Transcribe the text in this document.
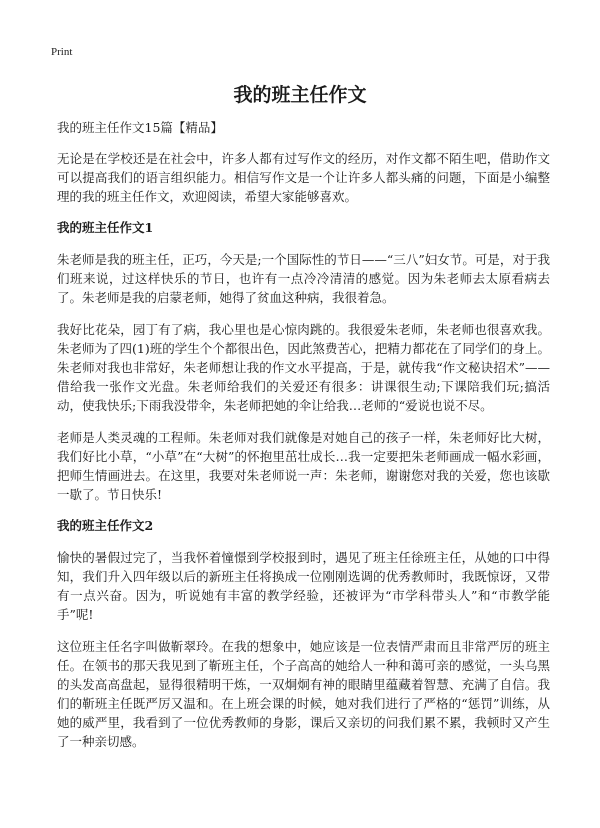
Print
我的班主任作文

我的班主任作文15篇【精品】

无论是在学校还是在社会中，许多人都有过写作文的经历，对作文都不陌生吧，借助作文可以提高我们的语言组织能力。相信写作文是一个让许多人都头痛的问题，下面是小编整理的我的班主任作文，欢迎阅读，希望大家能够喜欢。

我的班主任作文1

朱老师是我的班主任，正巧，今天是;一个国际性的节日——“三八”妇女节。可是，对于我们班来说，过这样快乐的节日，也许有一点冷冷清清的感觉。因为朱老师去太原看病去了。朱老师是我的启蒙老师，她得了贫血这种病，我很着急。

我好比花朵，园丁有了病，我心里也是心惊肉跳的。我很爱朱老师，朱老师也很喜欢我。朱老师为了四(1)班的学生个个都很出色，因此煞费苦心，把精力都花在了同学们的身上。朱老师对我也非常好，朱老师想让我的作文水平提高，于是，就传我“作文秘诀招术”——借给我一张作文光盘。朱老师给我们的关爱还有很多：讲课很生动;下课陪我们玩;搞活动，使我快乐;下雨我没带伞，朱老师把她的伞让给我…老师的“爱说也说不尽。

老师是人类灵魂的工程师。朱老师对我们就像是对她自己的孩子一样，朱老师好比大树，我们好比小草，“小草”在“大树”的怀抱里茁壮成长…我一定要把朱老师画成一幅水彩画，把师生情画进去。在这里，我要对朱老师说一声：朱老师，谢谢您对我的关爱，您也该歇一歇了。节日快乐!

我的班主任作文2

愉快的暑假过完了，当我怀着憧憬到学校报到时，遇见了班主任徐班主任，从她的口中得知，我们升入四年级以后的新班主任将换成一位刚刚选调的优秀教师时，我既惊讶，又带有一点兴奋。因为，听说她有丰富的教学经验，还被评为“市学科带头人”和“市教学能手”呢!

这位班主任名字叫做靳翠玲。在我的想象中，她应该是一位表情严肃而且非常严厉的班主任。在领书的那天我见到了靳班主任，个子高高的她给人一种和蔼可亲的感觉，一头乌黑的头发高高盘起，显得很精明干炼，一双炯炯有神的眼睛里蕴藏着智慧、充满了自信。我们的靳班主任既严厉又温和。在上班会课的时候，她对我们进行了严格的“惩罚”训练，从她的威严里，我看到了一位优秀教师的身影，课后又亲切的问我们累不累，我顿时又产生了一种亲切感。
